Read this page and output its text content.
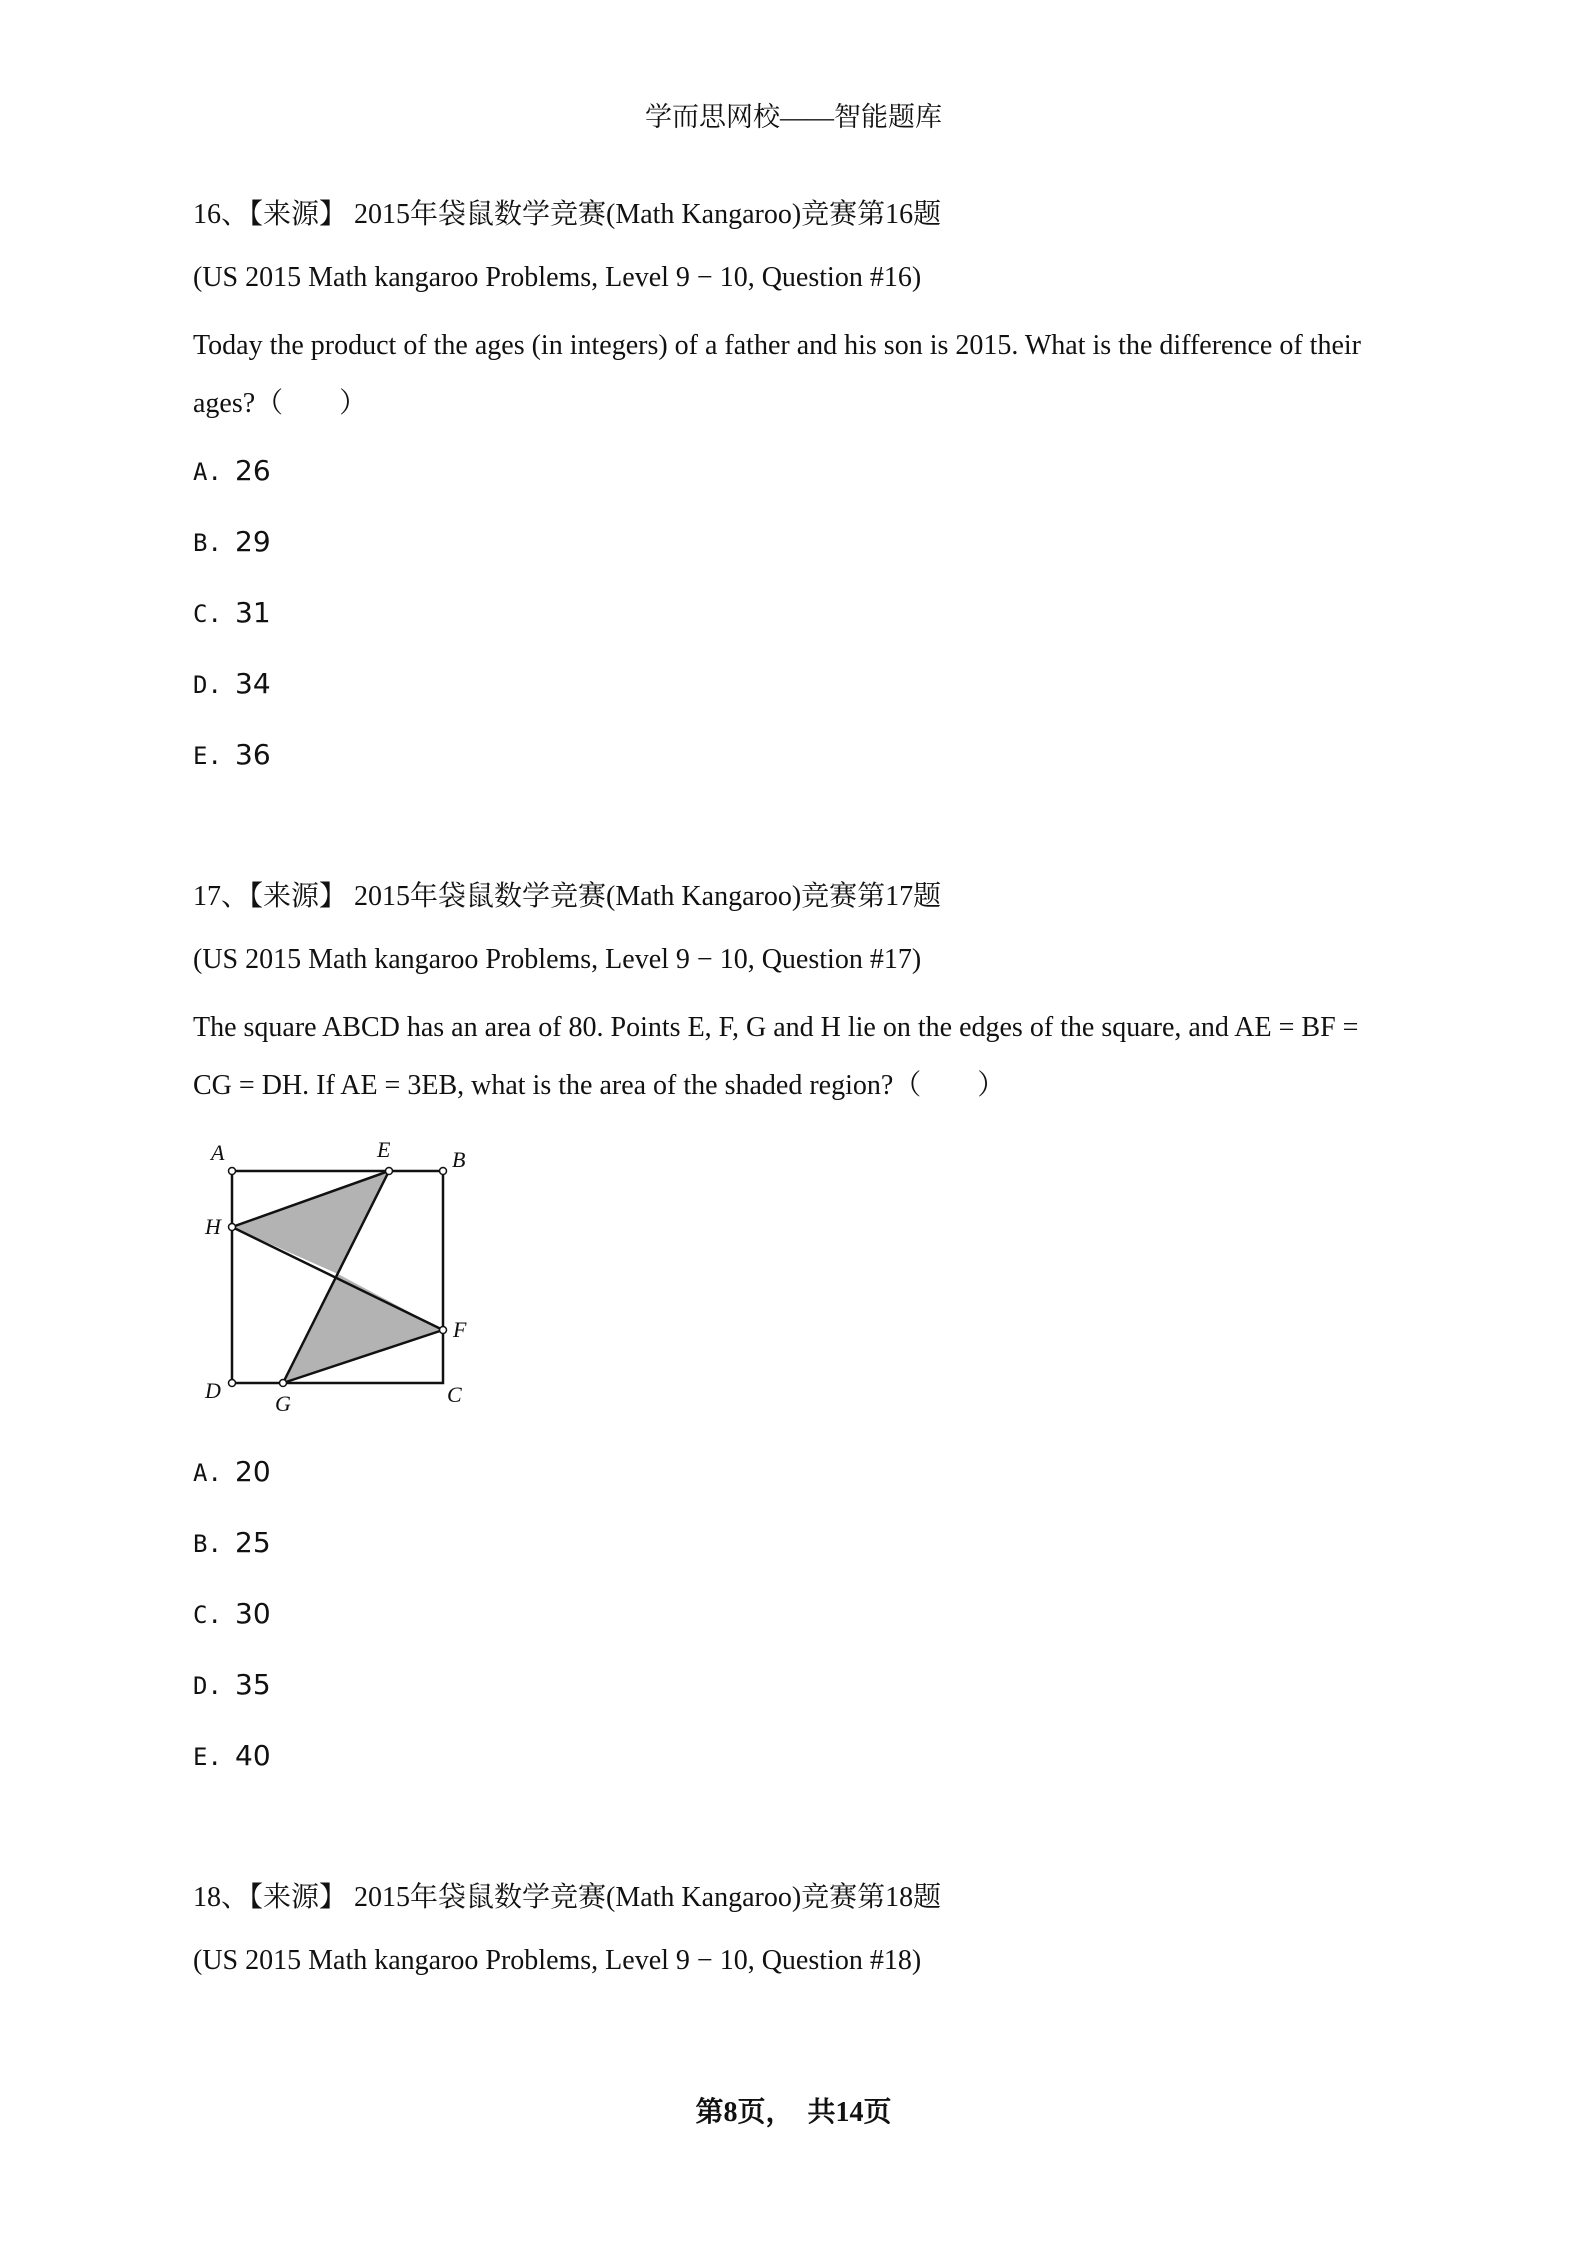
学而思网校——智能题库
16、【来源】 2015年袋鼠数学竞赛(Math Kangaroo)竞赛第16题
(US 2015 Math kangaroo Problems, Level 9 − 10, Question #16)
Today the product of the ages (in integers) of a father and his son is 2015. What is the difference of their
ages?（　　）
A. 26
B. 29
C. 31
D. 34
E. 36
17、【来源】 2015年袋鼠数学竞赛(Math Kangaroo)竞赛第17题
(US 2015 Math kangaroo Problems, Level 9 − 10, Question #17)
The square ABCD has an area of 80. Points E, F, G and H lie on the edges of the square, and AE = BF =
CG = DH. If AE = 3EB, what is the area of the shaded region?（　　）
A	E	B
H
F
D
G	C
A. 20
B. 25
C. 30
D. 35
E. 40
18、【来源】 2015年袋鼠数学竞赛(Math Kangaroo)竞赛第18题
(US 2015 Math kangaroo Problems, Level 9 − 10, Question #18)
第8页，　共14页
